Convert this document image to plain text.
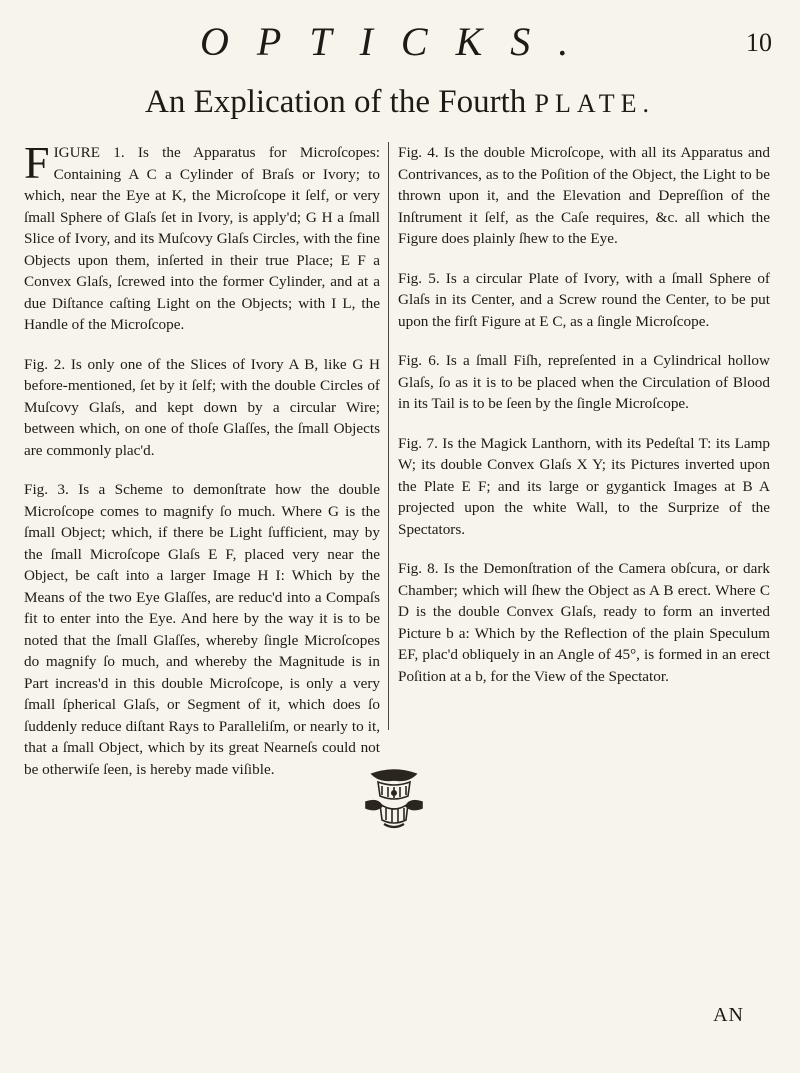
OPTICKS.	10
An Explication of the Fourth PLATE.

FIGURE 1. Is the Apparatus for Microſcopes: Containing A C a Cylinder of Braſs or Ivory; to which, near the Eye at K, the Microſcope it ſelf, or very ſmall Sphere of Glaſs ſet in Ivory, is apply'd; G H a ſmall Slice of Ivory, and its Muſcovy Glaſs Circles, with the fine Objects upon them, inſerted in their true Place; E F a Convex Glaſs, ſcrewed into the former Cylinder, and at a due Diſtance caſting Light on the Objects; with I L, the Handle of the Microſcope.

Fig. 2. Is only one of the Slices of Ivory A B, like G H before-mentioned, ſet by it ſelf; with the double Circles of Muſcovy Glaſs, and kept down by a circular Wire; between which, on one of thoſe Glaſſes, the ſmall Objects are commonly plac'd.

Fig. 3. Is a Scheme to demonſtrate how the double Microſcope comes to magnify ſo much. Where G is the ſmall Object; which, if there be Light ſufficient, may by the ſmall Microſcope Glaſs E F, placed very near the Object, be caſt into a larger Image H I: Which by the Means of the two Eye Glaſſes, are reduc'd into a Compaſs fit to enter into the Eye. And here by the way it is to be noted that the ſmall Glaſſes, whereby ſingle Microſcopes do magnify ſo much, and whereby the Magnitude is in Part increas'd in this double Microſcope, is only a very ſmall ſpherical Glaſs, or Segment of it, which does ſo ſuddenly reduce diſtant Rays to Paralleliſm, or nearly to it, that a ſmall Object, which by its great Nearneſs could not be otherwiſe ſeen, is hereby made viſible.

Fig. 4. Is the double Microſcope, with all its Apparatus and Contrivances, as to the Poſition of the Object, the Light to be thrown upon it, and the Elevation and Depreſſion of the Inſtrument it ſelf, as the Caſe requires, &c. all which the Figure does plainly ſhew to the Eye.

Fig. 5. Is a circular Plate of Ivory, with a ſmall Sphere of Glaſs in its Center, and a Screw round the Center, to be put upon the firſt Figure at E C, as a ſingle Microſcope.

Fig. 6. Is a ſmall Fiſh, repreſented in a Cylindrical hollow Glaſs, ſo as it is to be placed when the Circulation of Blood in its Tail is to be ſeen by the ſingle Microſcope.

Fig. 7. Is the Magick Lanthorn, with its Pedeſtal T: its Lamp W; its double Convex Glaſs X Y; its Pictures inverted upon the Plate E F; and its large or gygantick Images at B A projected upon the white Wall, to the Surprize of the Spectators.

Fig. 8. Is the Demonſtration of the Camera obſcura, or dark Chamber; which will ſhew the Object as A B erect. Where C D is the double Convex Glaſs, ready to form an inverted Picture b a: Which by the Reflection of the plain Speculum EF, plac'd obliquely in an Angle of 45°, is formed in an erect Poſition at a b, for the View of the Spectator.

AN
